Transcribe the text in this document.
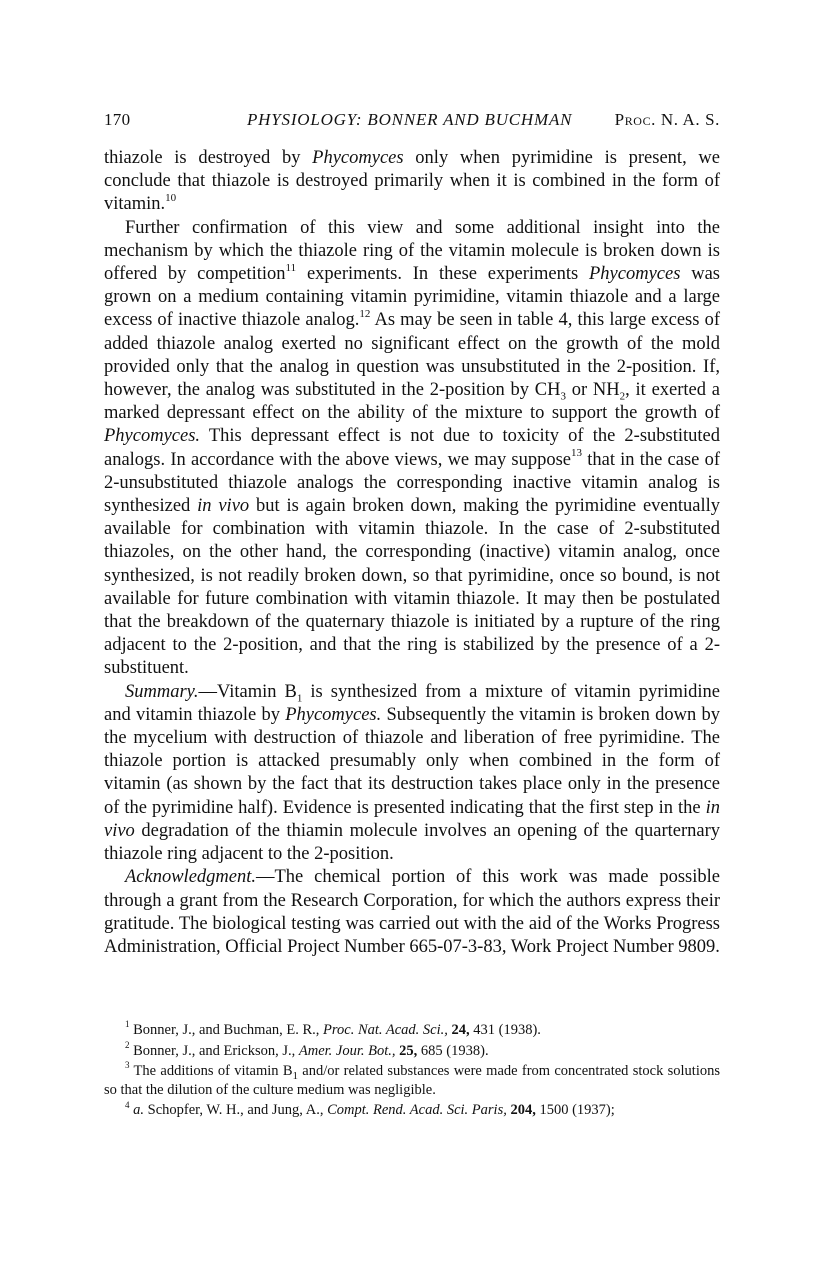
170	PHYSIOLOGY: BONNER AND BUCHMAN Proc. N. A. S.

thiazole is destroyed by Phycomyces only when pyrimidine is present, we conclude that thiazole is destroyed primarily when it is combined in the form of vitamin.$^{10}$

Further confirmation of this view and some additional insight into the mechanism by which the thiazole ring of the vitamin molecule is broken down is offered by competition$^{11}$ experiments. In these experiments Phycomyces was grown on a medium containing vitamin pyrimidine, vitamin thiazole and a large excess of inactive thiazole analog.$^{12}$ As may be seen in table 4, this large excess of added thiazole analog exerted no significant effect on the growth of the mold provided only that the analog in question was unsubstituted in the 2-position. If, however, the analog was substituted in the 2-position by $CH_3$ or $NH_2$, it exerted a marked depressant effect on the ability of the mixture to support the growth of Phycomyces. This depressant effect is not due to toxicity of the 2-substituted analogs. In accordance with the above views, we may suppose$^{13}$ that in the case of 2-unsubstituted thiazole analogs the corresponding inactive vitamin analog is synthesized in vivo but is again broken down, making the pyrimidine eventually available for combination with vitamin thiazole. In the case of 2-substituted thiazoles, on the other hand, the corresponding (inactive) vitamin analog, once synthesized, is not readily broken down, so that pyrimidine, once so bound, is not available for future combination with vitamin thiazole. It may then be postulated that the breakdown of the quaternary thiazole is initiated by a rupture of the ring adjacent to the 2-position, and that the ring is stabilized by the presence of a 2-substituent.

Summary.—Vitamin $B_1$ is synthesized from a mixture of vitamin pyrimidine and vitamin thiazole by Phycomyces. Subsequently the vitamin is broken down by the mycelium with destruction of thiazole and liberation of free pyrimidine. The thiazole portion is attacked presumably only when combined in the form of vitamin (as shown by the fact that its destruction takes place only in the presence of the pyrimidine half). Evidence is presented indicating that the first step in the in vivo degradation of the thiamin molecule involves an opening of the quarternary thiazole ring adjacent to the 2-position.

Acknowledgment.—The chemical portion of this work was made possible through a grant from the Research Corporation, for which the authors express their gratitude. The biological testing was carried out with the aid of the Works Progress Administration, Official Project Number 665-07-3-83, Work Project Number 9809.

$^1$ Bonner, J., and Buchman, E. R., Proc. Nat. Acad. Sci., 24, 431 (1938).

$^2$ Bonner, J., and Erickson, J., Amer. Jour. Bot., 25, 685 (1938).

$^3$ The additions of vitamin $B_1$ and/or related substances were made from concentrated stock solutions so that the dilution of the culture medium was negligible.

$^4$ a. Schopfer, W. H., and Jung, A., Compt. Rend. Acad. Sci. Paris, 204, 1500 (1937);
